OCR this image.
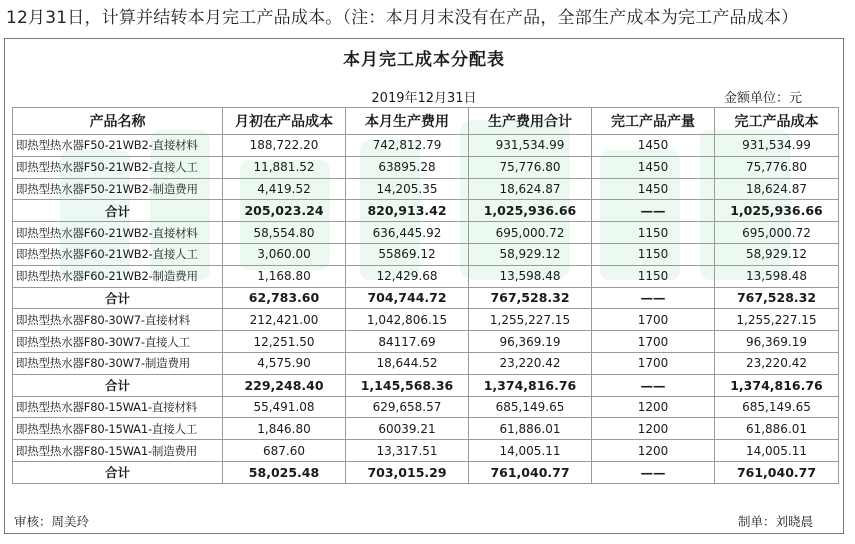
12月31日，计算并结转本月完工产品成本。（注：本月月末没有在产品，全部生产成本为完工产品成本）
本月完工成本分配表
2019年12月31日	金额单位：元
产品名称	月初在产品成本	本月生产费用	生产费用合计	完工产品产量	完工产品成本
即热型热水器F50-21WB2-直接材料	188,722.20	742,812.79	931,534.99	1450	931,534.99
即热型热水器F50-21WB2-直接人工	11,881.52	63895.28	75,776.80	1450	75,776.80
即热型热水器F50-21WB2-制造费用	4,419.52	14,205.35	18,624.87	1450	18,624.87
合计	205,023.24	820,913.42	1,025,936.66	——	1,025,936.66
即热型热水器F60-21WB2-直接材料	58,554.80	636,445.92	695,000.72	1150	695,000.72
即热型热水器F60-21WB2-直接人工	3,060.00	55869.12	58,929.12	1150	58,929.12
即热型热水器F60-21WB2-制造费用	1,168.80	12,429.68	13,598.48	1150	13,598.48
合计	62,783.60	704,744.72	767,528.32	——	767,528.32
即热型热水器F80-30W7-直接材料	212,421.00	1,042,806.15	1,255,227.15	1700	1,255,227.15
即热型热水器F80-30W7-直接人工	12,251.50	84117.69	96,369.19	1700	96,369.19
即热型热水器F80-30W7-制造费用	4,575.90	18,644.52	23,220.42	1700	23,220.42
合计	229,248.40	1,145,568.36	1,374,816.76	——	1,374,816.76
即热型热水器F80-15WA1-直接材料	55,491.08	629,658.57	685,149.65	1200	685,149.65
即热型热水器F80-15WA1-直接人工	1,846.80	60039.21	61,886.01	1200	61,886.01
即热型热水器F80-15WA1-制造费用	687.60	13,317.51	14,005.11	1200	14,005.11
合计	58,025.48	703,015.29	761,040.77	——	761,040.77
审核：周美玲	制单：刘晓晨
